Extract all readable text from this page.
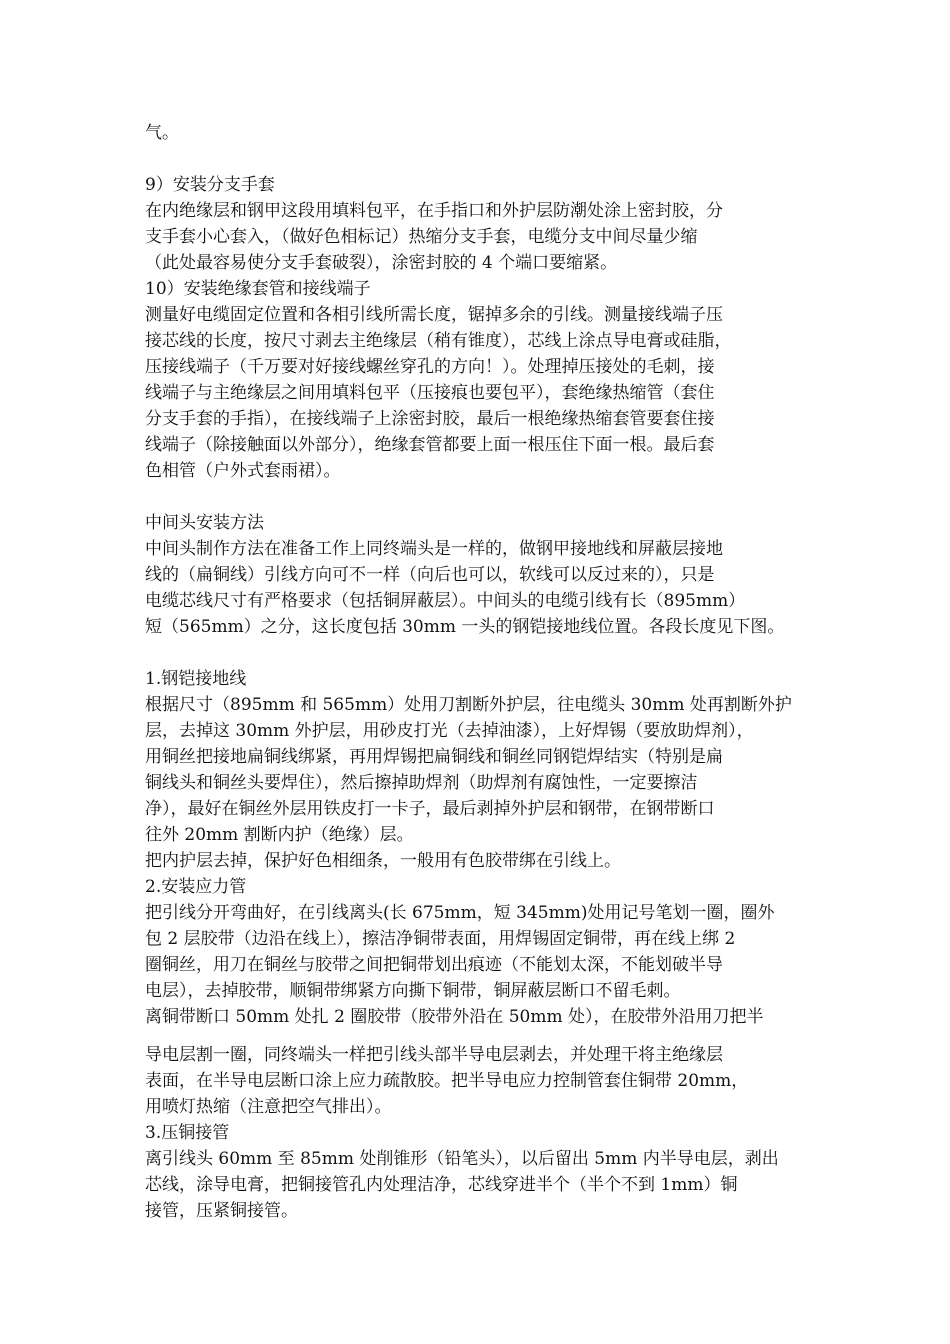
气。
9）安装分支手套
在内绝缘层和钢甲这段用填料包平，在手指口和外护层防潮处涂上密封胶，分
支手套小心套入，（做好色相标记）热缩分支手套，电缆分支中间尽量少缩
（此处最容易使分支手套破裂），涂密封胶的 4 个端口要缩紧。
10）安装绝缘套管和接线端子
测量好电缆固定位置和各相引线所需长度，锯掉多余的引线。测量接线端子压
接芯线的长度，按尺寸剥去主绝缘层（稍有锥度），芯线上涂点导电膏或硅脂，
压接线端子（千万要对好接线螺丝穿孔的方向！）。处理掉压接处的毛刺，接
线端子与主绝缘层之间用填料包平（压接痕也要包平），套绝缘热缩管（套住
分支手套的手指），在接线端子上涂密封胶，最后一根绝缘热缩套管要套住接
线端子（除接触面以外部分），绝缘套管都要上面一根压住下面一根。最后套
色相管（户外式套雨裙）。
中间头安装方法
中间头制作方法在准备工作上同终端头是一样的，做钢甲接地线和屏蔽层接地
线的（扁铜线）引线方向可不一样（向后也可以，软线可以反过来的），只是
电缆芯线尺寸有严格要求（包括铜屏蔽层）。中间头的电缆引线有长（895mm）
短（565mm）之分，这长度包括 30mm 一头的钢铠接地线位置。各段长度见下图。
1.钢铠接地线
根据尺寸（895mm 和 565mm）处用刀割断外护层，往电缆头 30mm 处再割断外护
层，去掉这 30mm 外护层，用砂皮打光（去掉油漆），上好焊锡（要放助焊剂），
用铜丝把接地扁铜线绑紧，再用焊锡把扁铜线和铜丝同钢铠焊结实（特别是扁
铜线头和铜丝头要焊住），然后擦掉助焊剂（助焊剂有腐蚀性，一定要擦洁
净），最好在铜丝外层用铁皮打一卡子，最后剥掉外护层和钢带，在钢带断口
往外 20mm 割断内护（绝缘）层。
把内护层去掉，保护好色相细条，一般用有色胶带绑在引线上。
2.安装应力管
把引线分开弯曲好，在引线离头(长 675mm，短 345mm)处用记号笔划一圈，圈外
包 2 层胶带（边沿在线上），擦洁净铜带表面，用焊锡固定铜带，再在线上绑 2
圈铜丝，用刀在铜丝与胶带之间把铜带划出痕迹（不能划太深，不能划破半导
电层），去掉胶带，顺铜带绑紧方向撕下铜带，铜屏蔽层断口不留毛刺。
离铜带断口 50mm 处扎 2 圈胶带（胶带外沿在 50mm 处），在胶带外沿用刀把半
导电层割一圈，同终端头一样把引线头部半导电层剥去，并处理干将主绝缘层
表面，在半导电层断口涂上应力疏散胶。把半导电应力控制管套住铜带 20mm，
用喷灯热缩（注意把空气排出）。
3.压铜接管
离引线头 60mm 至 85mm 处削锥形（铅笔头），以后留出 5mm 内半导电层，剥出
芯线，涂导电膏，把铜接管孔内处理洁净，芯线穿进半个（半个不到 1mm）铜
接管，压紧铜接管。
